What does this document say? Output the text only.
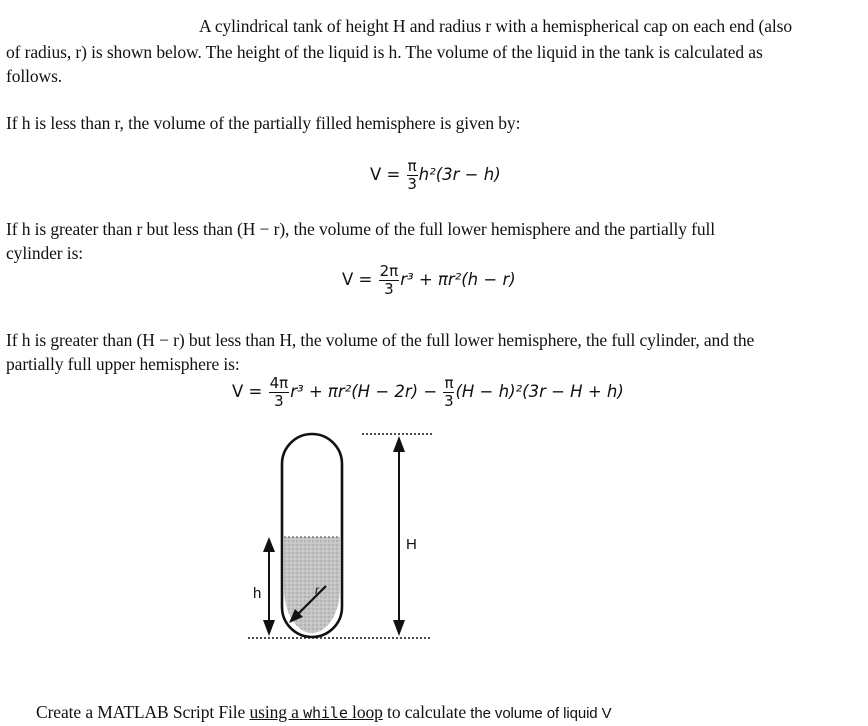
A cylindrical tank of height H and radius r with a hemispherical cap on each end (also
of radius, r) is shown below. The height of the liquid is h. The volume of the liquid in the tank is calculated as
follows.
If h is less than r, the volume of the partially filled hemisphere is given by:
$V = \frac{\pi}{3} h^2(3r - h)$
If h is greater than r but less than (H − r), the volume of the full lower hemisphere and the partially full
cylinder is:
$V = \frac{2\pi}{3} r^3 + \pi r^2(h - r)$
If h is greater than (H − r) but less than H, the volume of the full lower hemisphere, the full cylinder, and the
partially full upper hemisphere is:
$V = \frac{4\pi}{3} r^3 + \pi r^2(H - 2r) - \frac{\pi}{3} (H - h)^2(3r - H + h)$
H
h	r
Create a MATLAB Script File using a while loop to calculate the volume of liquid V
